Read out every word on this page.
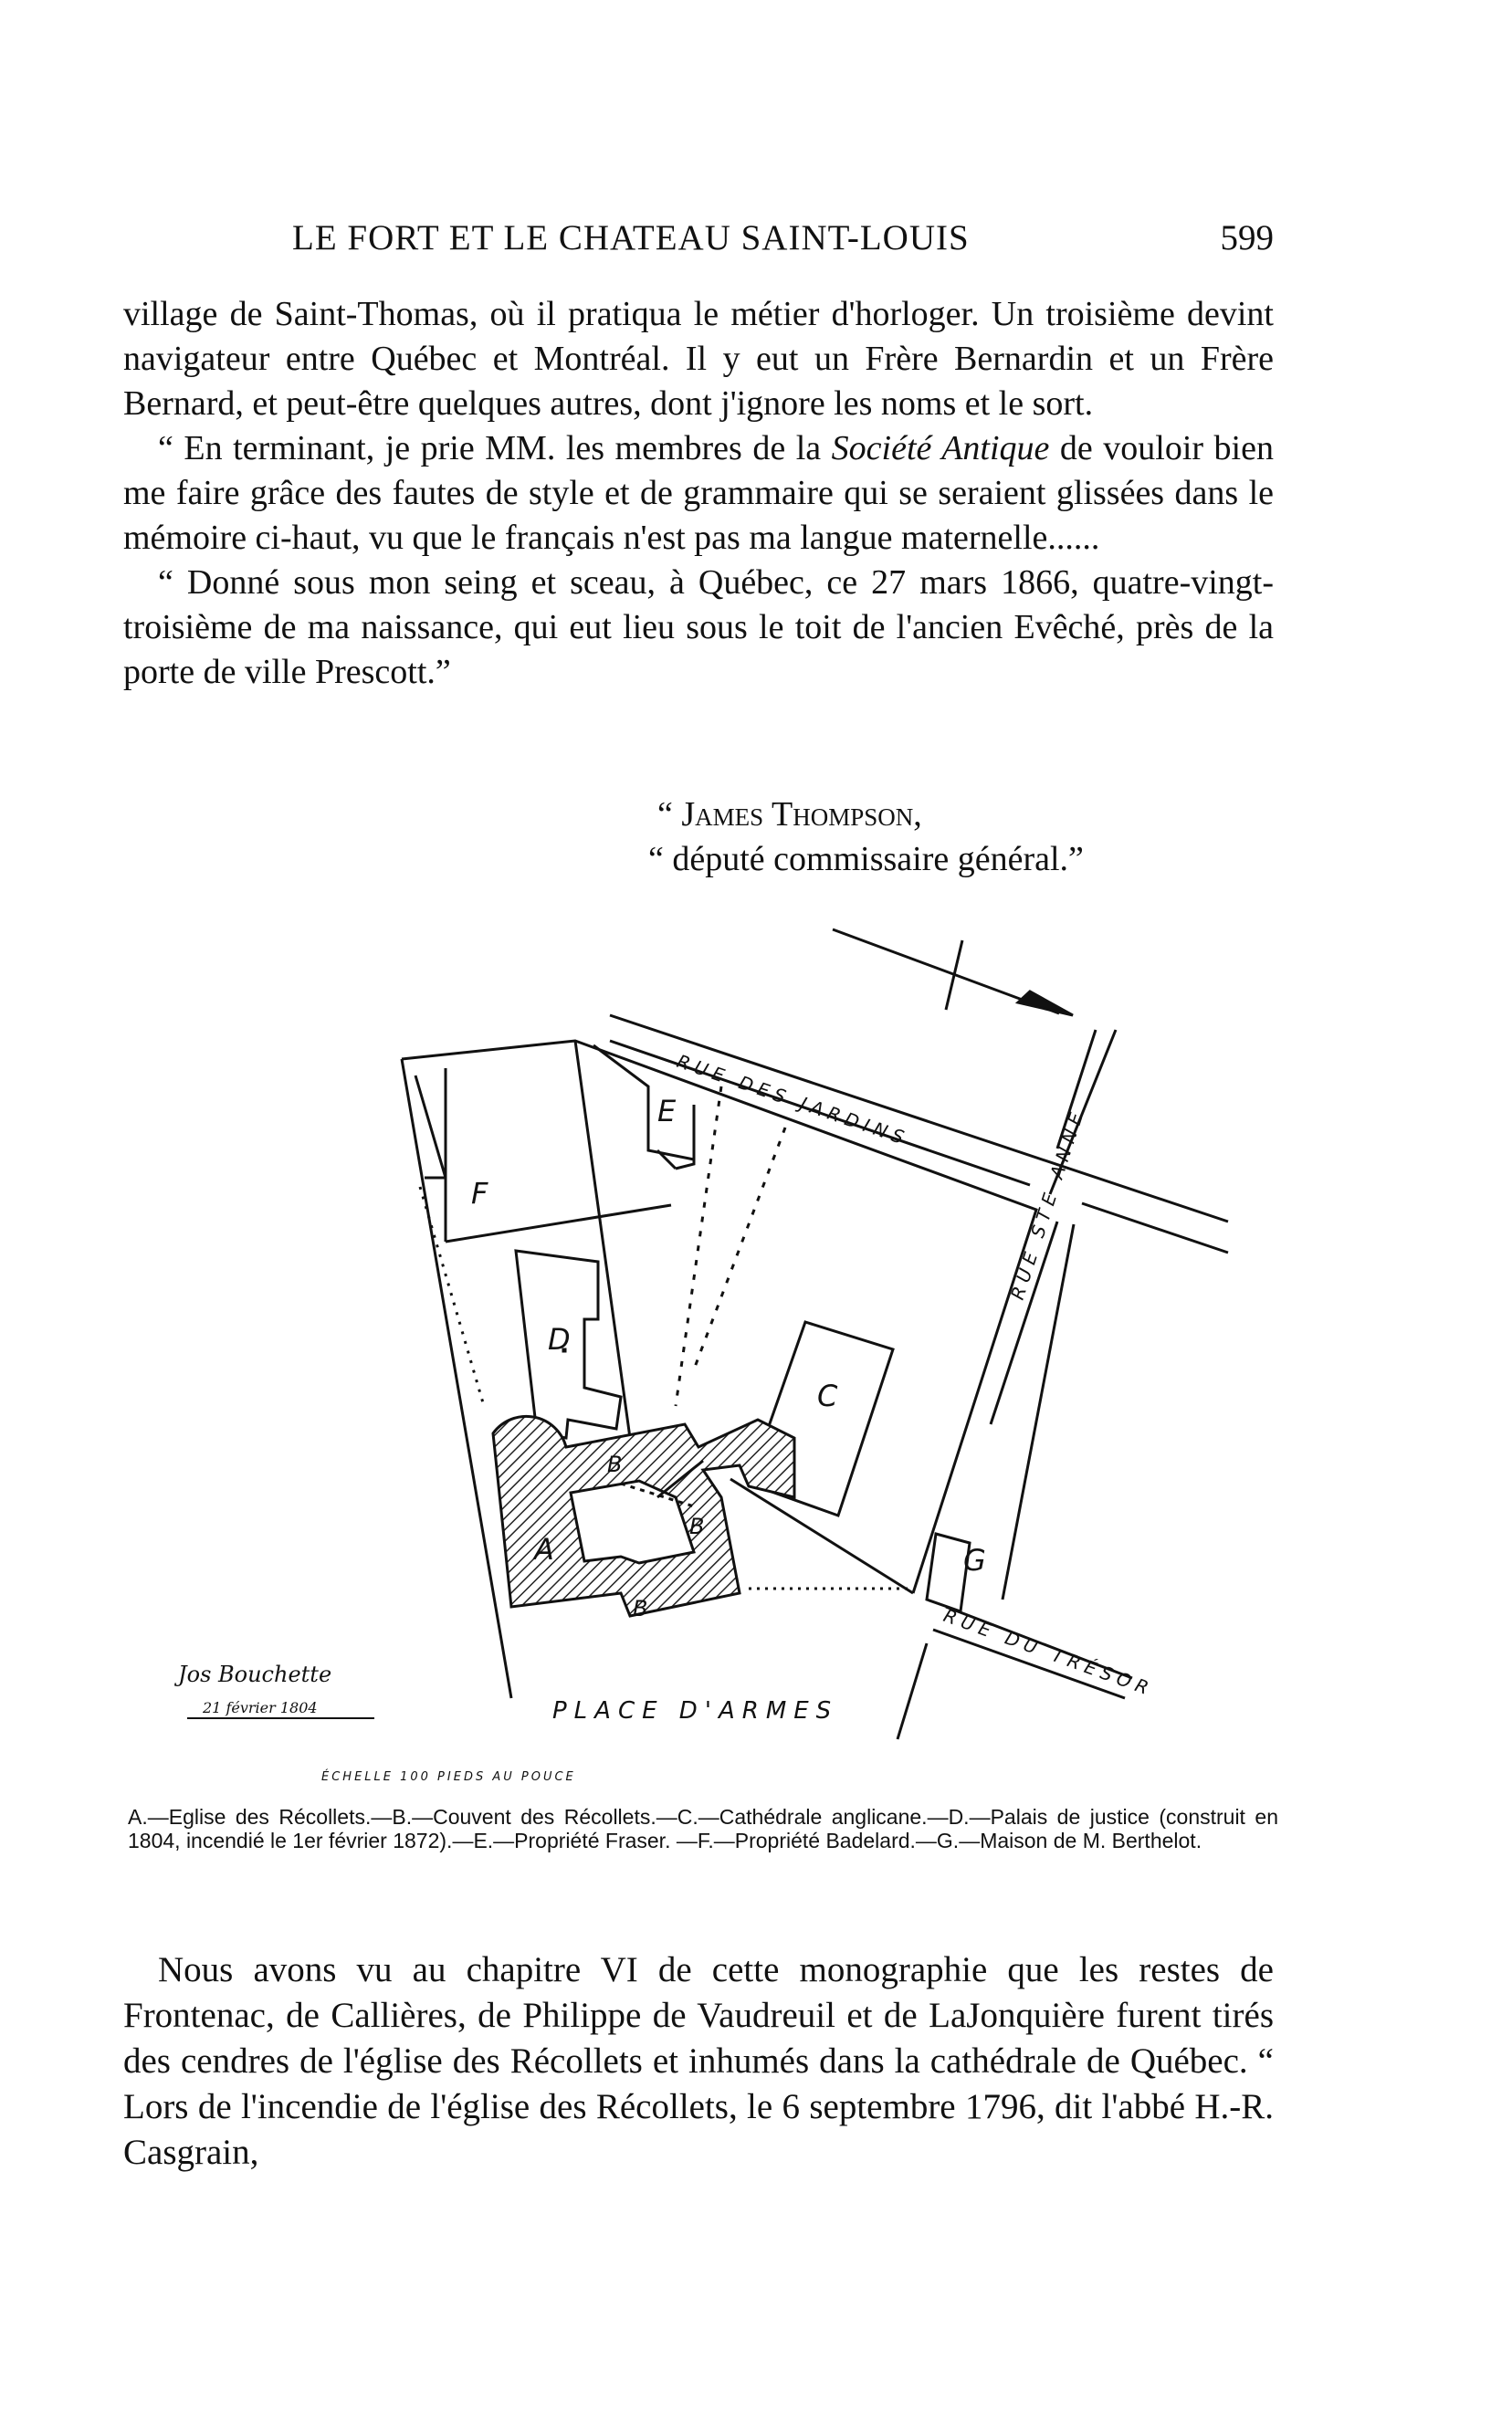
LE FORT ET LE CHATEAU SAINT-LOUIS	599

village de Saint-Thomas, où il pratiqua le métier d'horloger. Un troisième devint navigateur entre Québec et Montréal. Il y eut un Frère Bernardin et un Frère Bernard, et peut-être quelques autres, dont j'ignore les noms et le sort.

“ En terminant, je prie MM. les membres de la Société Antique de vouloir bien me faire grâce des fautes de style et de grammaire qui se seraient glissées dans le mémoire ci-haut, vu que le français n'est pas ma langue maternelle......

“ Donné sous mon seing et sceau, à Québec, ce 27 mars 1866, quatre-vingt-troisième de ma naissance, qui eut lieu sous le toit de l'ancien Evêché, près de la porte de ville Prescott.”

“ James Thompson,
“ député commissaire général.”
E
F
D
C
G
A
B
B
B
RUE DES JARDINS
RUE STE ANNE
RUE DU TRÉSOR
PLACE D'ARMES
Jos Bouchette
21 février 1804
ÉCHELLE 100 PIEDS AU POUCE

A.—Eglise des Récollets.—B.—Couvent des Récollets.—C.—Cathédrale anglicane.—D.—Palais de justice (construit en 1804, incendié le 1er février 1872).—E.—Propriété Fraser. —F.—Propriété Badelard.—G.—Maison de M. Berthelot.

Nous avons vu au chapitre VI de cette monographie que les restes de Frontenac, de Callières, de Philippe de Vaudreuil et de LaJonquière furent tirés des cendres de l'église des Récollets et inhumés dans la cathédrale de Québec. “ Lors de l'incendie de l'église des Récollets, le 6 septembre 1796, dit l'abbé H.-R. Casgrain,
